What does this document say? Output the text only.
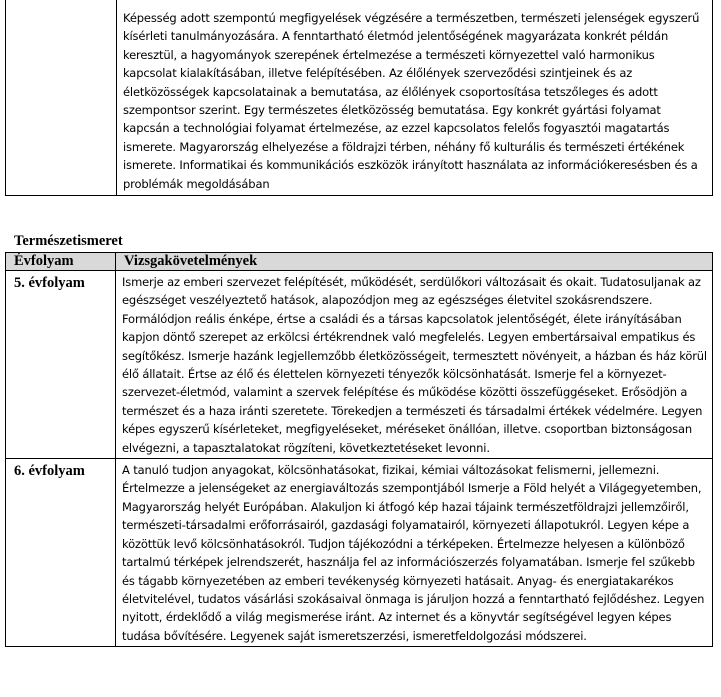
	Képesség adott szempontú megfigyelések végzésére a természetben, természeti jelenségek egyszerű kísérleti tanulmányozására. A fenntartható életmód jelentőségének magyarázata konkrét példán keresztül, a hagyományok szerepének értelmezése a természeti környezettel való harmonikus kapcsolat kialakításában, illetve felépítésében. Az élőlények szerveződési szintjeinek és az életközösségek kapcsolatainak a bemutatása, az élőlények csoportosítása tetszőleges és adott szempontsor szerint. Egy természetes életközösség bemutatása. Egy konkrét gyártási folyamat kapcsán a technológiai folyamat értelmezése, az ezzel kapcsolatos felelős fogyasztói magatartás ismerete. Magyarország elhelyezése a földrajzi térben, néhány fő kulturális és természeti értékének ismerete. Informatikai és kommunikációs eszközök irányított használata az információkeresésben és a problémák megoldásában
Természetismeret
Évfolyam	Vizsgakövetelmények
5. évfolyam	Ismerje az emberi szervezet felépítését, működését, serdülőkori változásait és okait. Tudatosuljanak az egészséget veszélyeztető hatások, alapozódjon meg az egészséges életvitel szokásrendszere. Formálódjon reális énképe, értse a családi és a társas kapcsolatok jelentőségét, élete irányításában kapjon döntő szerepet az erkölcsi értékrendnek való megfelelés. Legyen embertársaival empatikus és segítőkész. Ismerje hazánk legjellemzőbb életközösségeit, termesztett növényeit, a házban és ház körül élő állatait. Értse az élő és élettelen környezeti tényezők kölcsönhatását. Ismerje fel a környezet-szervezet-életmód, valamint a szervek felépítése és működése közötti összefüggéseket. Erősödjön a természet és a haza iránti szeretete. Törekedjen a természeti és társadalmi értékek védelmére. Legyen képes egyszerű kísérleteket, megfigyeléseket, méréseket önállóan, illetve. csoportban biztonságosan elvégezni, a tapasztalatokat rögzíteni, következtetéseket levonni.
6. évfolyam	A tanuló tudjon anyagokat, kölcsönhatásokat, fizikai, kémiai változásokat felismerni, jellemezni. Értelmezze a jelenségeket az energiaváltozás szempontjából Ismerje a Föld helyét a Világegyetemben, Magyarország helyét Európában. Alakuljon ki átfogó kép hazai tájaink természetföldrajzi jellemzőiről, természeti-társadalmi erőforrásairól, gazdasági folyamatairól, környezeti állapotukról. Legyen képe a közöttük levő kölcsönhatásokról. Tudjon tájékozódni a térképeken. Értelmezze helyesen a különböző tartalmú térképek jelrendszerét, használja fel az információszerzés folyamatában. Ismerje fel szűkebb és tágabb környezetében az emberi tevékenység környezeti hatásait. Anyag- és energiatakarékos életvitelével, tudatos vásárlási szokásaival önmaga is járuljon hozzá a fenntartható fejlődéshez. Legyen nyitott, érdeklődő a világ megismerése iránt. Az internet és a könyvtár segítségével legyen képes tudása bővítésére. Legyenek saját ismeretszerzési, ismeretfeldolgozási módszerei.
